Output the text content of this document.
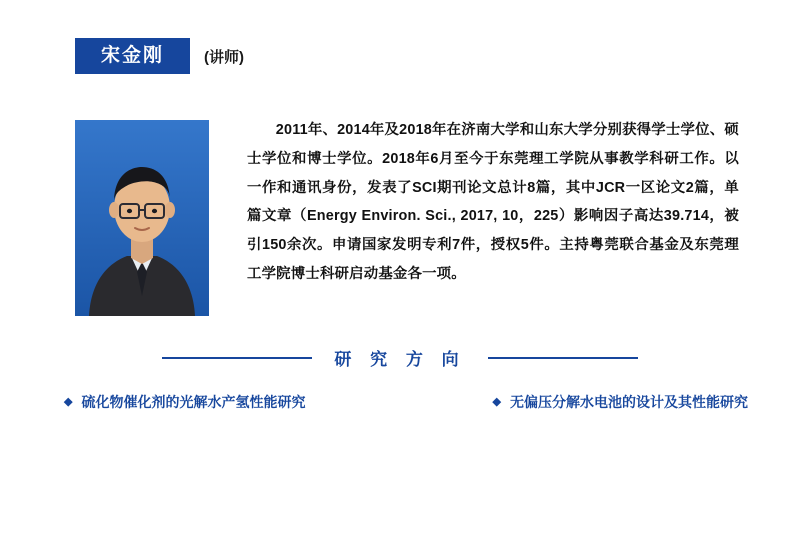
宋金刚	(讲师)

2011年、2014年及2018年在济南大学和山东大学分别获得学士学位、硕士学位和博士学位。2018年6月至今于东莞理工学院从事教学科研工作。以一作和通讯身份，发表了SCI期刊论文总计8篇，其中JCR一区论文2篇，单篇文章（Energy Environ. Sci., 2017, 10，225）影响因子高达39.714，被引150余次。申请国家发明专利7件，授权5件。主持粤莞联合基金及东莞理工学院博士科研启动基金各一项。

研 究 方 向
◆ 硫化物催化剂的光解水产氢性能研究	◆ 无偏压分解水电池的设计及其性能研究
